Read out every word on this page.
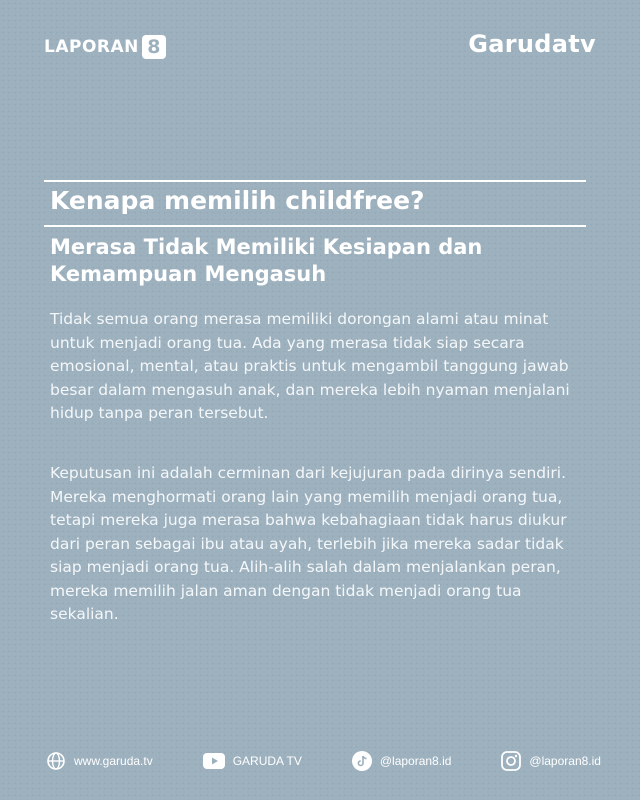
LAPORAN 8	Garudatv
Kenapa memilih childfree?
Merasa Tidak Memiliki Kesiapan dan
Kemampuan Mengasuh
Tidak semua orang merasa memiliki dorongan alami atau minat untuk menjadi orang tua. Ada yang merasa tidak siap secara emosional, mental, atau praktis untuk mengambil tanggung jawab besar dalam mengasuh anak, dan mereka lebih nyaman menjalani hidup tanpa peran tersebut.
Keputusan ini adalah cerminan dari kejujuran pada dirinya sendiri. Mereka menghormati orang lain yang memilih menjadi orang tua, tetapi mereka juga merasa bahwa kebahagiaan tidak harus diukur dari peran sebagai ibu atau ayah, terlebih jika mereka sadar tidak siap menjadi orang tua. Alih-alih salah dalam menjalankan peran, mereka memilih jalan aman dengan tidak menjadi orang tua sekalian.
www.garuda.tv	GARUDA TV	@laporan8.id	@laporan8.id
